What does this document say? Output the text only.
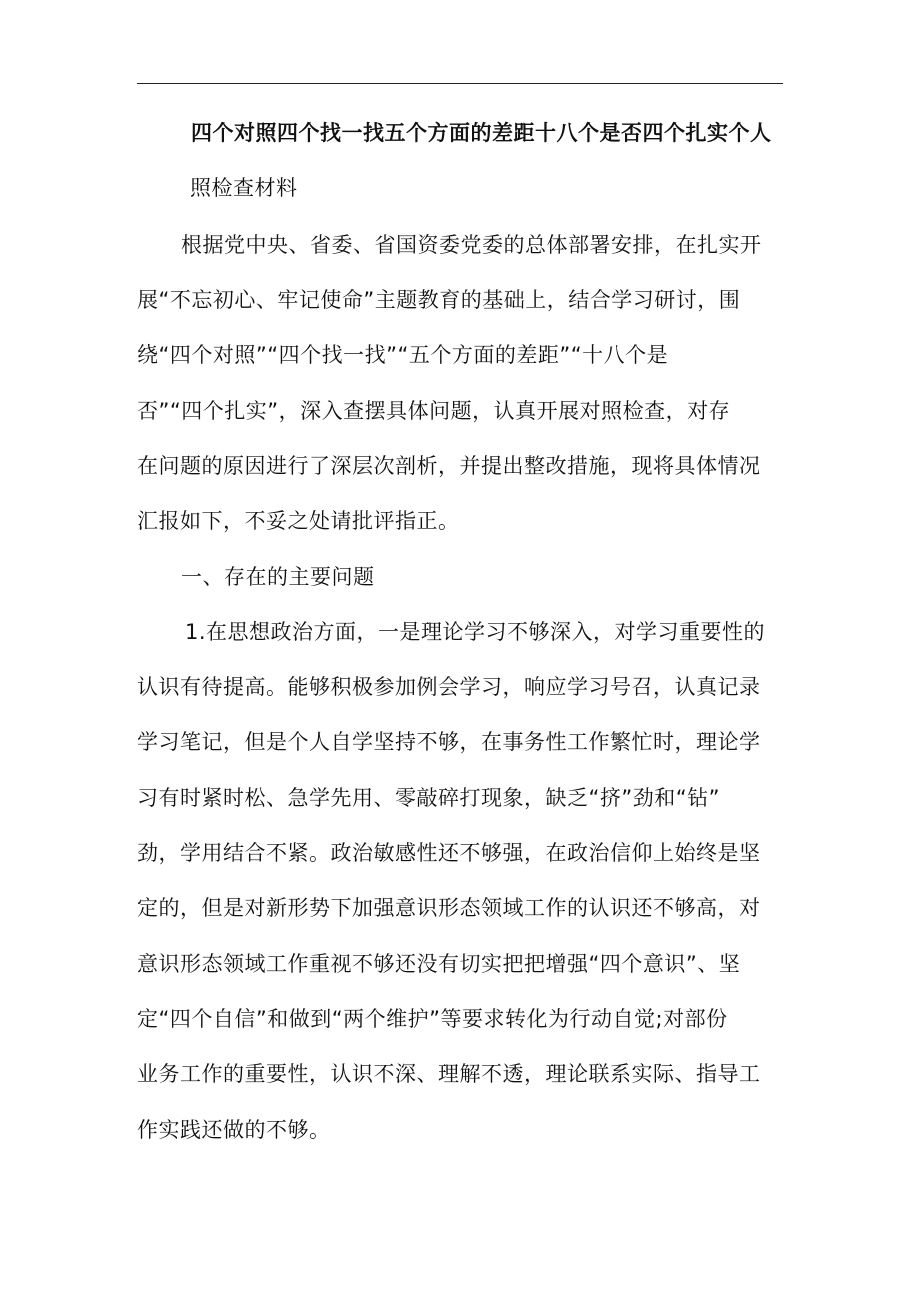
四个对照四个找一找五个方面的差距十八个是否四个扎实个人
照检查材料
根据党中央、省委、省国资委党委的总体部署安排，在扎实开
展“不忘初心、牢记使命”主题教育的基础上，结合学习研讨，围
绕“四个对照”“四个找一找”“五个方面的差距”“十八个是
否”“四个扎实”，深入查摆具体问题，认真开展对照检查，对存
在问题的原因进行了深层次剖析，并提出整改措施，现将具体情况
汇报如下，不妥之处请批评指正。
一、存在的主要问题
1.在思想政治方面，一是理论学习不够深入，对学习重要性的
认识有待提高。能够积极参加例会学习，响应学习号召，认真记录
学习笔记，但是个人自学坚持不够，在事务性工作繁忙时，理论学
习有时紧时松、急学先用、零敲碎打现象，缺乏“挤”劲和“钻”
劲，学用结合不紧。政治敏感性还不够强，在政治信仰上始终是坚
定的，但是对新形势下加强意识形态领域工作的认识还不够高，对
意识形态领域工作重视不够还没有切实把把增强“四个意识”、坚
定“四个自信”和做到“两个维护”等要求转化为行动自觉;对部份
业务工作的重要性，认识不深、理解不透，理论联系实际、指导工
作实践还做的不够。
